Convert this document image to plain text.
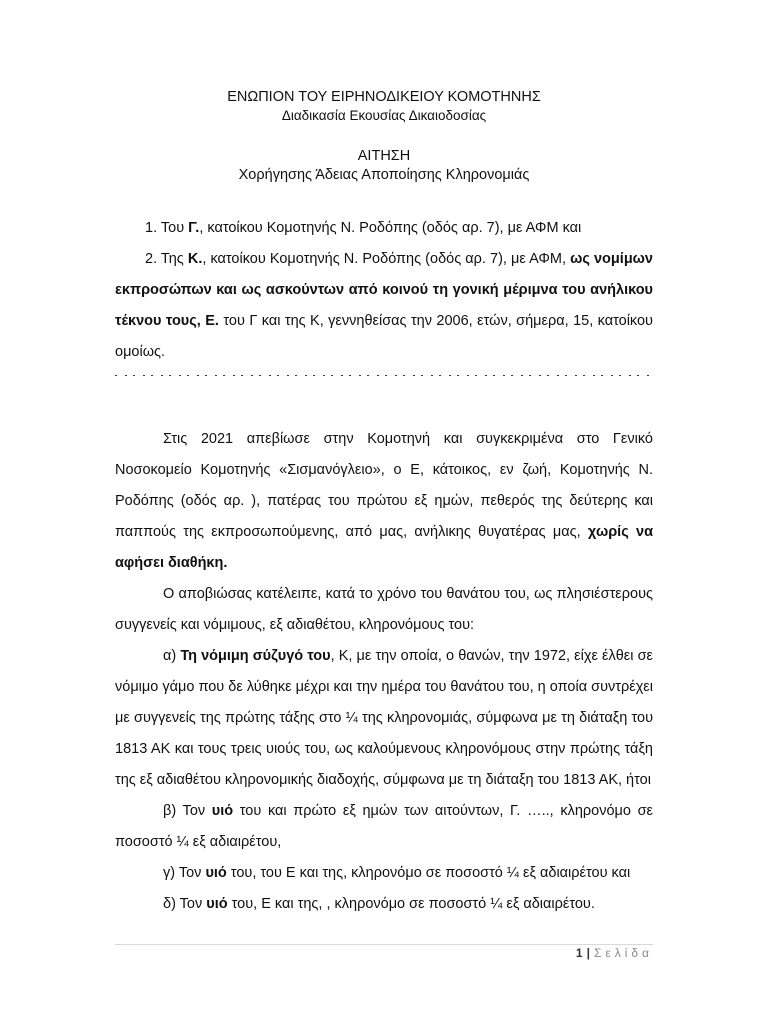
ΕΝΩΠΙΟΝ ΤΟΥ ΕΙΡΗΝΟΔΙΚΕΙΟΥ ΚΟΜΟΤΗΝΗΣ
Διαδικασία Εκουσίας Δικαιοδοσίας
ΑΙΤΗΣΗ
Χορήγησης Άδειας Αποποίησης Κληρονομιάς

1. Του Γ., κατοίκου Κομοτηνής Ν. Ροδόπης (οδός αρ. 7), με ΑΦΜ και

2. Της Κ., κατοίκου Κομοτηνής Ν. Ροδόπης (οδός αρ. 7), με ΑΦΜ, ως νομίμων εκπροσώπων και ως ασκούντων από κοινού τη γονική μέριμνα του ανήλικου τέκνου τους, Ε. του Γ και της Κ, γεννηθείσας την 2006, ετών, σήμερα, 15, κατοίκου ομοίως.

Στις 2021 απεβίωσε στην Κομοτηνή και συγκεκριμένα στο Γενικό Νοσοκομείο Κομοτηνής «Σισμανόγλειο», ο Ε, κάτοικος, εν ζωή, Κομοτηνής Ν. Ροδόπης (οδός αρ. ), πατέρας του πρώτου εξ ημών, πεθερός της δεύτερης και παππούς της εκπροσωπούμενης, από μας, ανήλικης θυγατέρας μας, χωρίς να αφήσει διαθήκη.

Ο αποβιώσας κατέλειπε, κατά το χρόνο του θανάτου του, ως πλησιέστερους συγγενείς και νόμιμους, εξ αδιαθέτου, κληρονόμους του:

α) Τη νόμιμη σύζυγό του, Κ, με την οποία, ο θανών, την 1972, είχε έλθει σε νόμιμο γάμο που δε λύθηκε μέχρι και την ημέρα του θανάτου του, η οποία συντρέχει με συγγενείς της πρώτης τάξης στο ¼ της κληρονομιάς, σύμφωνα με τη διάταξη του 1813 ΑΚ και τους τρεις υιούς του, ως καλούμενους κληρονόμους στην πρώτης τάξη της εξ αδιαθέτου κληρονομικής διαδοχής, σύμφωνα με τη διάταξη του 1813 ΑΚ, ήτοι

β) Τον υιό του και πρώτο εξ ημών των αιτούντων, Γ. ….., κληρονόμο σε ποσοστό ¼ εξ αδιαιρέτου,

γ) Τον υιό του, του Ε και της, κληρονόμο σε ποσοστό ¼ εξ αδιαιρέτου και

δ) Τον υιό του, Ε και της, , κληρονόμο σε ποσοστό ¼ εξ αδιαιρέτου.

1 | Σελίδα
